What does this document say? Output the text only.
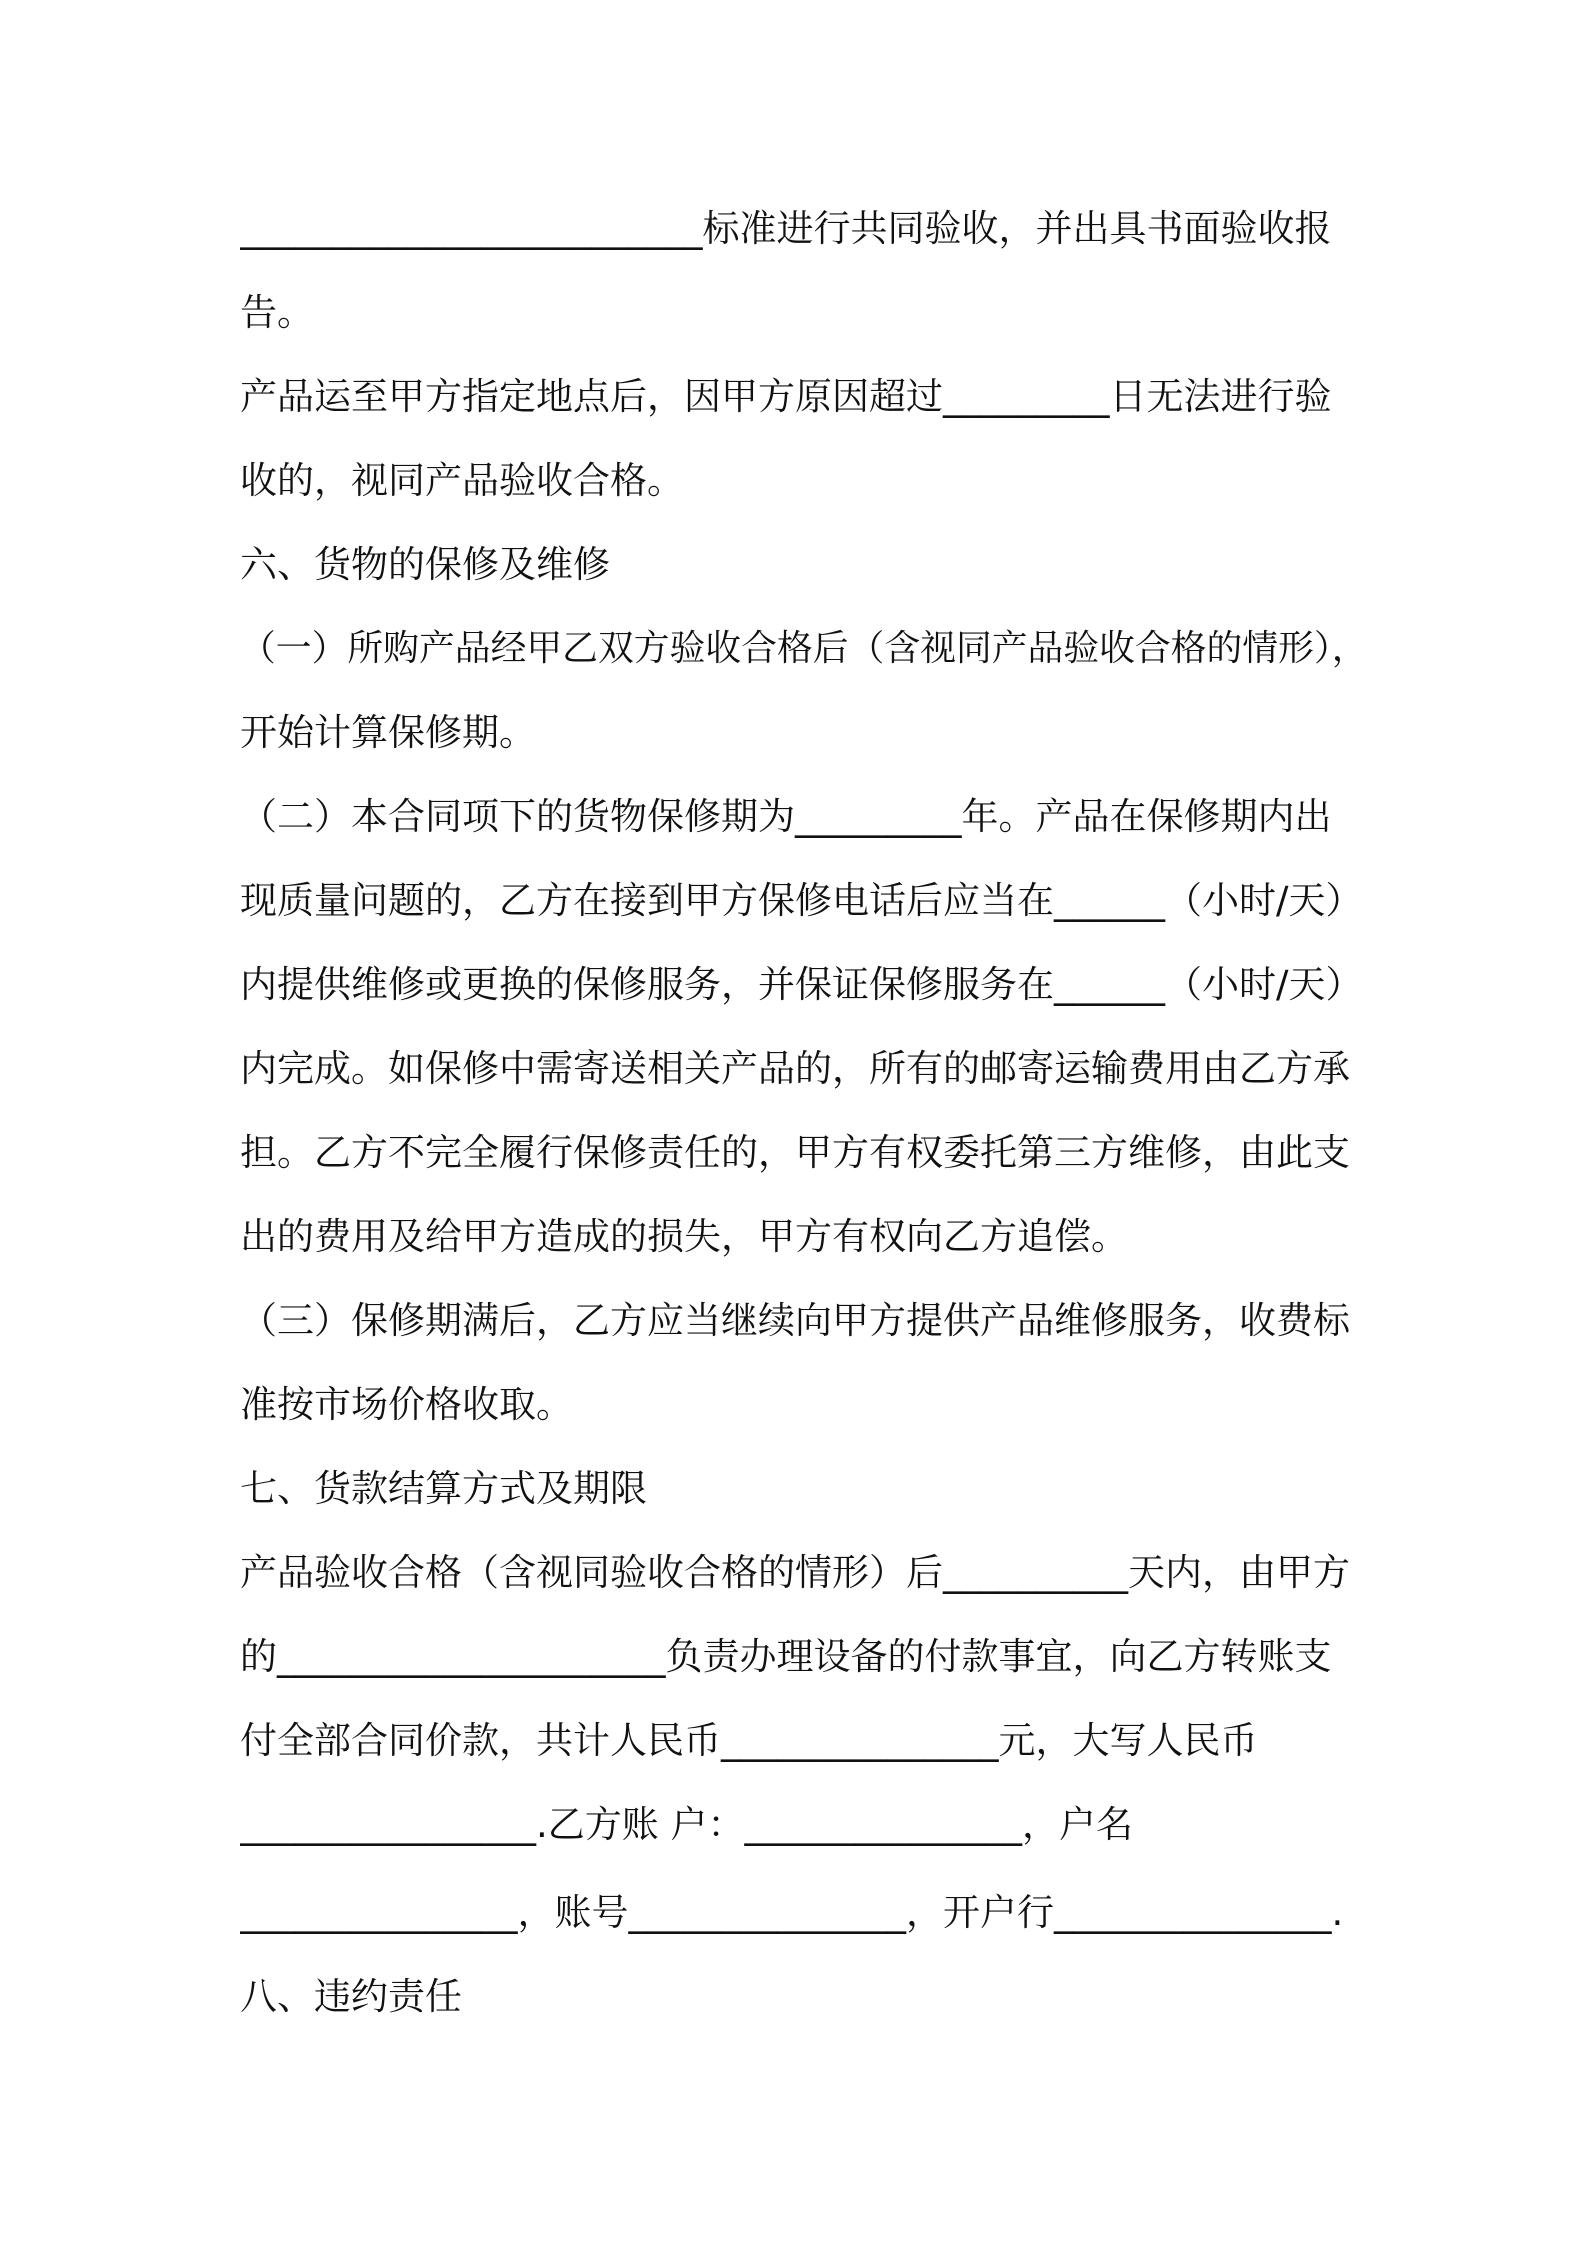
_________________________标准进行共同验收，并出具书面验收报
告。
产品运至甲方指定地点后，因甲方原因超过_________日无法进行验
收的，视同产品验收合格。
六、货物的保修及维修
（一）所购产品经甲乙双方验收合格后（含视同产品验收合格的情形），
开始计算保修期。
（二）本合同项下的货物保修期为_________年。产品在保修期内出
现质量问题的，乙方在接到甲方保修电话后应当在______（小时/天）
内提供维修或更换的保修服务，并保证保修服务在______（小时/天）
内完成。如保修中需寄送相关产品的，所有的邮寄运输费用由乙方承
担。乙方不完全履行保修责任的，甲方有权委托第三方维修，由此支
出的费用及给甲方造成的损失，甲方有权向乙方追偿。
（三）保修期满后，乙方应当继续向甲方提供产品维修服务，收费标
准按市场价格收取。
七、货款结算方式及期限
产品验收合格（含视同验收合格的情形）后__________天内，由甲方
的_____________________负责办理设备的付款事宜，向乙方转账支
付全部合同价款，共计人民币_______________元，大写人民币
________________.乙方账 户：_______________，户名
_______________，账号_______________，开户行_______________.
八、违约责任
